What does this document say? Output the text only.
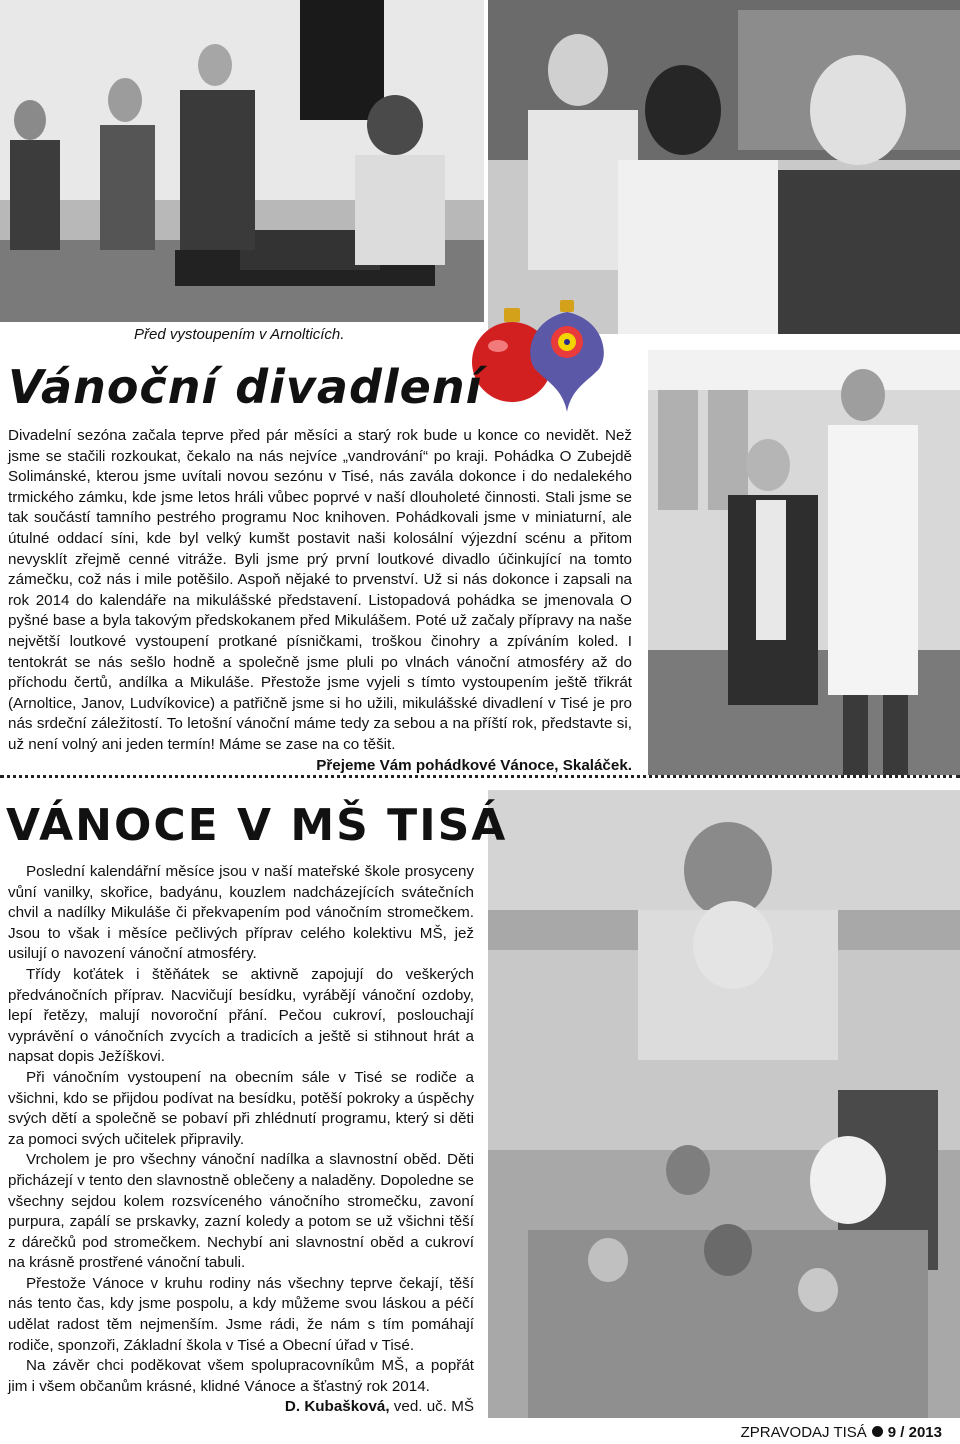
Před vystoupením v Arnolticích.
Vánoční divadlení

Divadelní sezóna začala teprve před pár měsíci a starý rok bude u konce co nevidět. Než jsme se stačili rozkoukat, čekalo na nás nejvíce „vandrování“ po kraji. Pohádka O Zubejdě Solimánské, kterou jsme uvítali novou sezónu v Tisé, nás zavála dokonce i do nedalekého trmického zámku, kde jsme letos hráli vůbec poprvé v naší dlouholeté činnosti. Stali jsme se tak součástí tamního pestrého programu Noc knihoven. Pohádkovali jsme v miniaturní, ale útulné oddací síni, kde byl velký kumšt postavit naši kolosální výjezdní scénu a přitom nevysklít zřejmě cenné vitráže. Byli jsme prý první loutkové divadlo účinkující na tomto zámečku, což nás i mile potěšilo. Aspoň nějaké to prvenství. Už si nás dokonce i zapsali na rok 2014 do kalendáře na mikulášské představení. Listopadová pohádka se jmenovala O pyšné base a byla takovým předskokanem před Mikulášem. Poté už začaly přípravy na naše největší loutkové vystoupení protkané písničkami, troškou činohry a zpíváním koled. I tentokrát se nás sešlo hodně a společně jsme pluli po vlnách vánoční atmosféry až do příchodu čertů, andílka a Mikuláše. Přestože jsme vyjeli s tímto vystoupením ještě třikrát (Arnoltice, Janov, Ludvíkovice) a patřičně jsme si ho užili, mikulášské divadlení v Tisé je pro nás srdeční záležitostí. To letošní vánoční máme tedy za sebou a na příští rok, představte si, už není volný ani jeden termín! Máme se zase na co těšit.

Přejeme Vám pohádkové Vánoce, Skaláček.

VÁNOCE V MŠ TISÁ

Poslední kalendářní měsíce jsou v naší mateřské škole prosyceny vůní vanilky, skořice, badyánu, kouzlem nadcházejících svátečních chvil a nadílky Mikuláše či překvapením pod vánočním stromečkem. Jsou to však i měsíce pečlivých příprav celého kolektivu MŠ, jež usilují o navození vánoční atmosféry.

Třídy koťátek i štěňátek se aktivně zapojují do veškerých předvánočních příprav. Nacvičují besídku, vyrábějí vánoční ozdoby, lepí řetězy, malují novoroční přání. Pečou cukroví, poslouchají vyprávění o vánočních zvycích a tradicích a ještě si stihnout hrát a napsat dopis Ježíškovi.

Při vánočním vystoupení na obecním sále v Tisé se rodiče a všichni, kdo se přijdou podívat na besídku, potěší pokroky a úspěchy svých dětí a společně se pobaví při zhlédnutí programu, který si děti za pomoci svých učitelek připravily.

Vrcholem je pro všechny vánoční nadílka a slavnostní oběd. Děti přicházejí v tento den slavnostně oblečeny a naladěny. Dopoledne se všechny sejdou kolem rozsvíceného vánočního stromečku, zavoní purpura, zapálí se prskavky, zazní koledy a potom se už všichni těší z dárečků pod stromečkem. Nechybí ani slavnostní oběd a cukroví na krásně prostřené vánoční tabuli.

Přestože Vánoce v kruhu rodiny nás všechny teprve čekají, těší nás tento čas, kdy jsme pospolu, a kdy můžeme svou láskou a péčí udělat radost těm nejmenším. Jsme rádi, že nám s tím pomáhají rodiče, sponzoři, Základní škola v Tisé a Obecní úřad v Tisé.

Na závěr chci poděkovat všem spolupracovníkům MŠ, a popřát jim i všem občanům krásné, klidné Vánoce a šťastný rok 2014.

D. Kubašková, ved. uč. MŠ

ZPRAVODAJ TISÁ 9 / 2013
